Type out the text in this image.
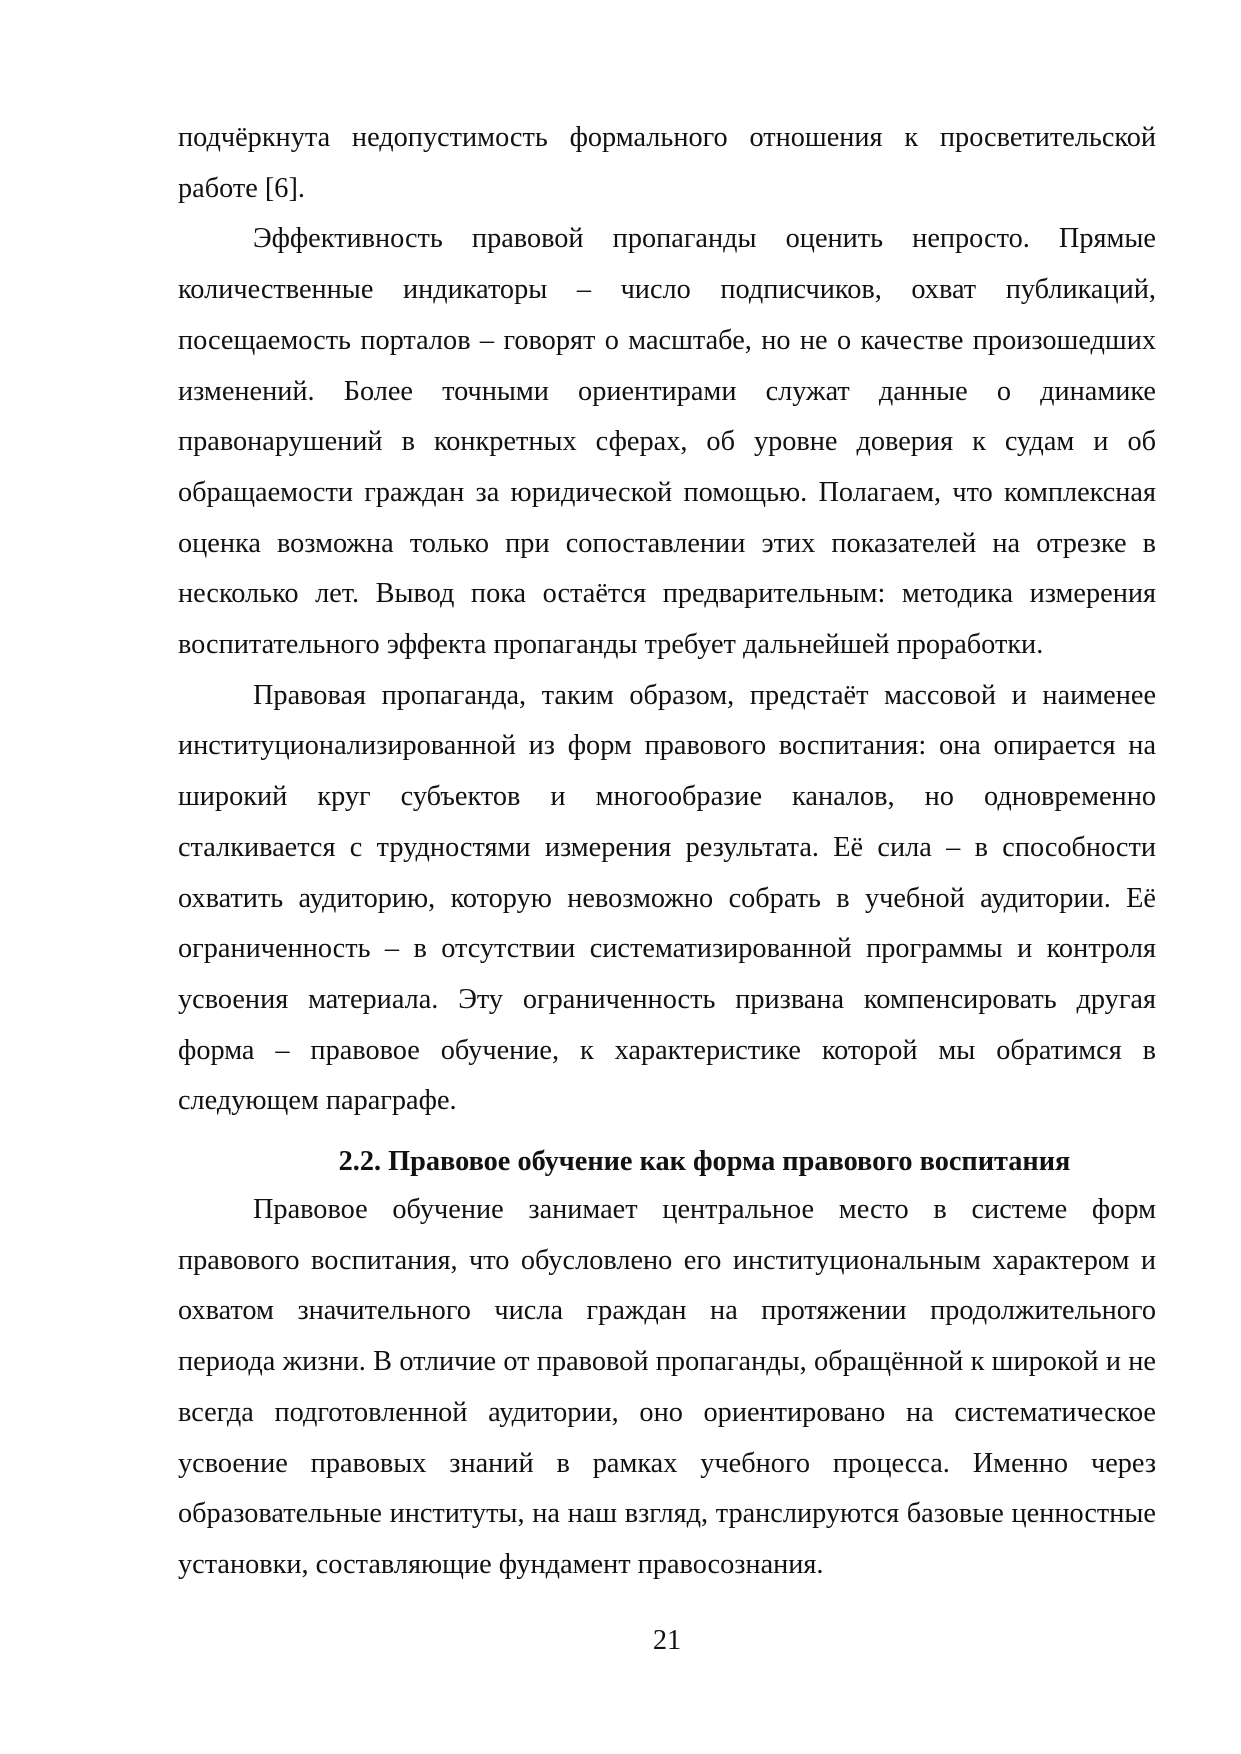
подчёркнута недопустимость формального отношения к просветительской работе [6].

Эффективность правовой пропаганды оценить непросто. Прямые количественные индикаторы – число подписчиков, охват публикаций, посещаемость порталов – говорят о масштабе, но не о качестве произошедших изменений. Более точными ориентирами служат данные о динамике правонарушений в конкретных сферах, об уровне доверия к судам и об обращаемости граждан за юридической помощью. Полагаем, что комплексная оценка возможна только при сопоставлении этих показателей на отрезке в несколько лет. Вывод пока остаётся предварительным: методика измерения воспитательного эффекта пропаганды требует дальнейшей проработки.

Правовая пропаганда, таким образом, предстаёт массовой и наименее институционализированной из форм правового воспитания: она опирается на широкий круг субъектов и многообразие каналов, но одновременно сталкивается с трудностями измерения результата. Её сила – в способности охватить аудиторию, которую невозможно собрать в учебной аудитории. Её ограниченность – в отсутствии систематизированной программы и контроля усвоения материала. Эту ограниченность призвана компенсировать другая форма – правовое обучение, к характеристике которой мы обратимся в следующем параграфе.

2.2. Правовое обучение как форма правового воспитания

Правовое обучение занимает центральное место в системе форм правового воспитания, что обусловлено его институциональным характером и охватом значительного числа граждан на протяжении продолжительного периода жизни. В отличие от правовой пропаганды, обращённой к широкой и не всегда подготовленной аудитории, оно ориентировано на систематическое усвоение правовых знаний в рамках учебного процесса. Именно через образовательные институты, на наш взгляд, транслируются базовые ценностные установки, составляющие фундамент правосознания.

21
